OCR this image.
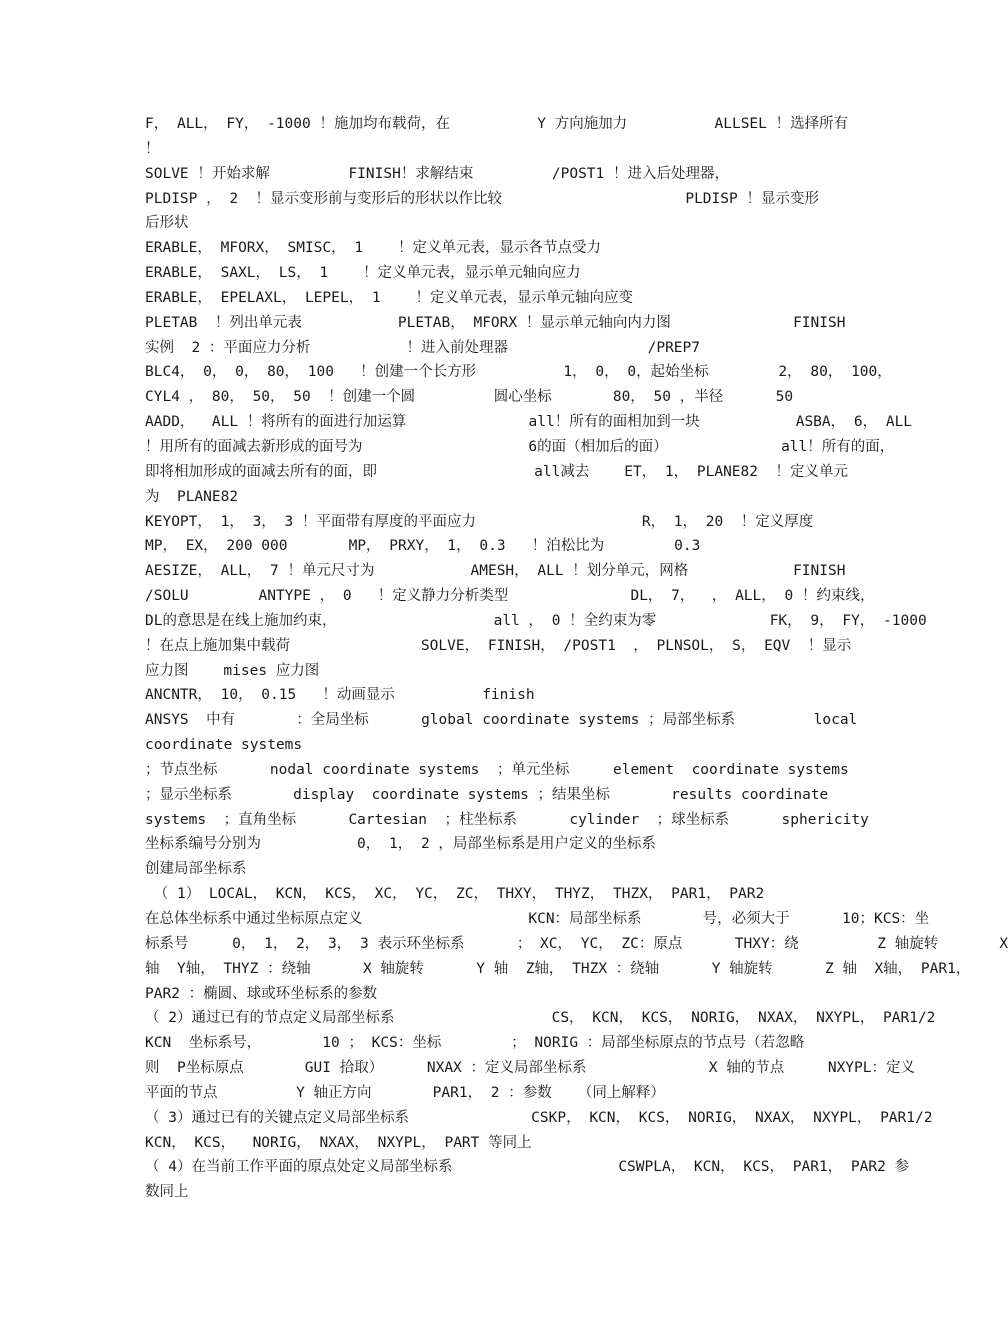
F， ALL， FY， -1000 ！施加均布载荷，在          Y 方向施加力          ALLSEL ！选择所有
！
SOLVE ！开始求解         FINISH！求解结束         /POST1 ！进入后处理器，
PLDISP ， 2  ！显示变形前与变形后的形状以作比较                     PLDISP ！显示变形
后形状
ERABLE， MFORX， SMISC， 1    ！定义单元表，显示各节点受力
ERABLE， SAXL， LS， 1    ！定义单元表，显示单元轴向应力
ERABLE， EPELAXL， LEPEL， 1    ！定义单元表，显示单元轴向应变
PLETAB  ！列出单元表           PLETAB， MFORX ！显示单元轴向内力图              FINISH
实例  2 ：平面应力分析           ！进入前处理器                /PREP7
BLC4， 0， 0， 80， 100   ！创建一个长方形          1， 0， 0，起始坐标        2， 80， 100，
CYL4 ， 80， 50， 50  ！创建一个圆         圆心坐标       80， 50 ，半径      50
AADD，  ALL ！将所有的面进行加运算              all！所有的面相加到一块           ASBA， 6， ALL
！用所有的面减去新形成的面号为                   6的面（相加后的面）             all！所有的面，
即将相加形成的面减去所有的面，即                  all减去    ET， 1， PLANE82  ！定义单元
为  PLANE82
KEYOPT， 1， 3， 3 ！平面带有厚度的平面应力                   R， 1， 20  ！定义厚度
MP， EX， 200 000       MP， PRXY， 1， 0.3   ！泊松比为        0.3
AESIZE， ALL， 7 ！单元尺寸为           AMESH， ALL ！划分单元，网格            FINISH
/SOLU        ANTYPE ， 0   ！定义静力分析类型              DL， 7，  ， ALL， 0 ！约束线，
DL的意思是在线上施加约束，                  all ， 0 ！全约束为零             FK， 9， FY， -1000
！在点上施加集中载荷               SOLVE， FINISH， /POST1  ， PLNSOL， S， EQV  ！显示
应力图    mises 应力图
ANCNTR， 10， 0.15   ！动画显示          finish
ANSYS  中有       ：全局坐标      global coordinate systems ；局部坐标系         local
coordinate systems
；节点坐标      nodal coordinate systems  ；单元坐标     element  coordinate systems
；显示坐标系       display  coordinate systems ；结果坐标       results coordinate
systems  ；直角坐标      Cartesian  ；柱坐标系      cylinder  ；球坐标系      sphericity
坐标系编号分别为           0， 1， 2 ，局部坐标系是用户定义的坐标系
创建局部坐标系
（ 1） LOCAL， KCN， KCS， XC， YC， ZC， THXY， THYZ， THZX， PAR1， PAR2
在总体坐标系中通过坐标原点定义                   KCN：局部坐标系       号，必须大于      10；KCS：坐
标系号     0， 1， 2， 3， 3 表示环坐标系      ； XC， YC， ZC：原点      THXY：绕         Z 轴旋转       X
轴  Y轴， THYZ ：绕轴      X 轴旋转      Y 轴  Z轴， THZX ：绕轴      Y 轴旋转      Z 轴  X轴， PAR1，
PAR2 ：椭圆、球或环坐标系的参数
（ 2）通过已有的节点定义局部坐标系                  CS， KCN， KCS， NORIG， NXAX， NXYPL， PAR1/2
KCN  坐标系号，       10 ； KCS：坐标        ； NORIG ：局部坐标原点的节点号（若忽略
则  P坐标原点       GUI 拾取）     NXAX ：定义局部坐标系              X 轴的节点     NXYPL：定义
平面的节点         Y 轴正方向       PAR1， 2 ：参数   （同上解释）
（ 3）通过已有的关键点定义局部坐标系              CSKP， KCN， KCS， NORIG， NXAX， NXYPL， PAR1/2
KCN， KCS，  NORIG， NXAX， NXYPL， PART 等同上
（ 4）在当前工作平面的原点处定义局部坐标系                   CSWPLA， KCN， KCS， PAR1， PAR2 参
数同上
